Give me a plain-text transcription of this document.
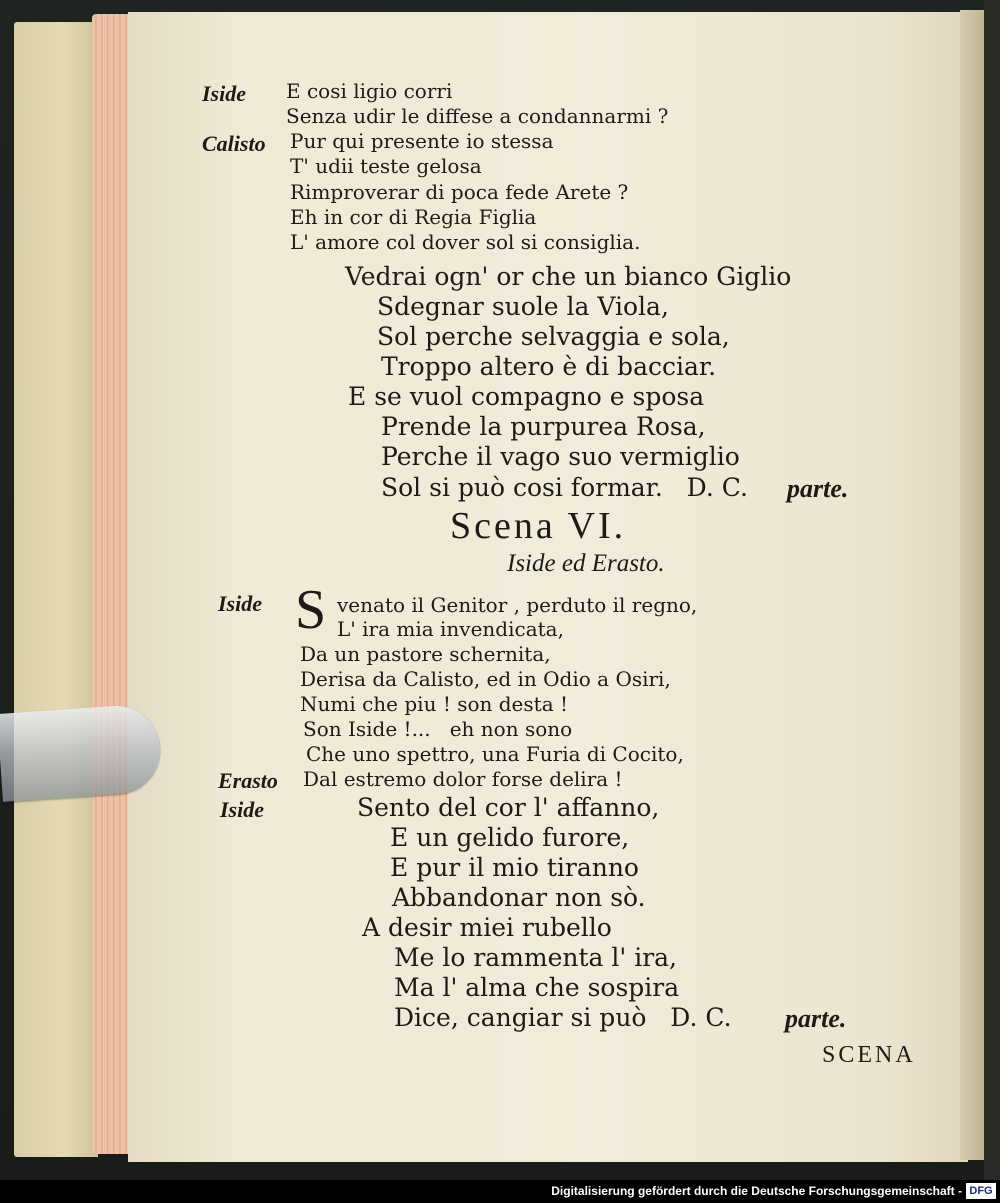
Iside E cosi ligio corri
Senza udir le diffese a condannarmi ?
Calisto Pur qui presente io stessa
T' udii teste gelosa
Rimproverar di poca fede Arete ?
Eh in cor di Regia Figlia
L' amore col dover sol si consiglia.
Vedrai ogn' or che un bianco Giglio
Sdegnar suole la Viola,
Sol perche selvaggia e sola,
Troppo altero è di bacciar.
E se vuol compagno e sposa
Prende la purpurea Rosa,
Perche il vago suo vermiglio
Sol si può cosi formar.   D. C. parte.
Scena VI.
Iside ed Erasto.
Iside S venato il Genitor , perduto il regno,
L' ira mia invendicata,
Da un pastore schernita,
Derisa da Calisto, ed in Odio a Osiri,
Numi che piu ! son desta !
Son Iside !...   eh non sono
Che uno spettro, una Furia di Cocito,
Erasto Dal estremo dolor forse delira !
Iside	Sento del cor l' affanno,
E un gelido furore,
E pur il mio tiranno
Abbandonar non sò.
A desir miei rubello
Me lo rammenta l' ira,
Ma l' alma che sospira
Dice, cangiar si può   D. C. parte.
SCENA
Digitalisierung gefördert durch die Deutsche Forschungsgemeinschaft - DFG
